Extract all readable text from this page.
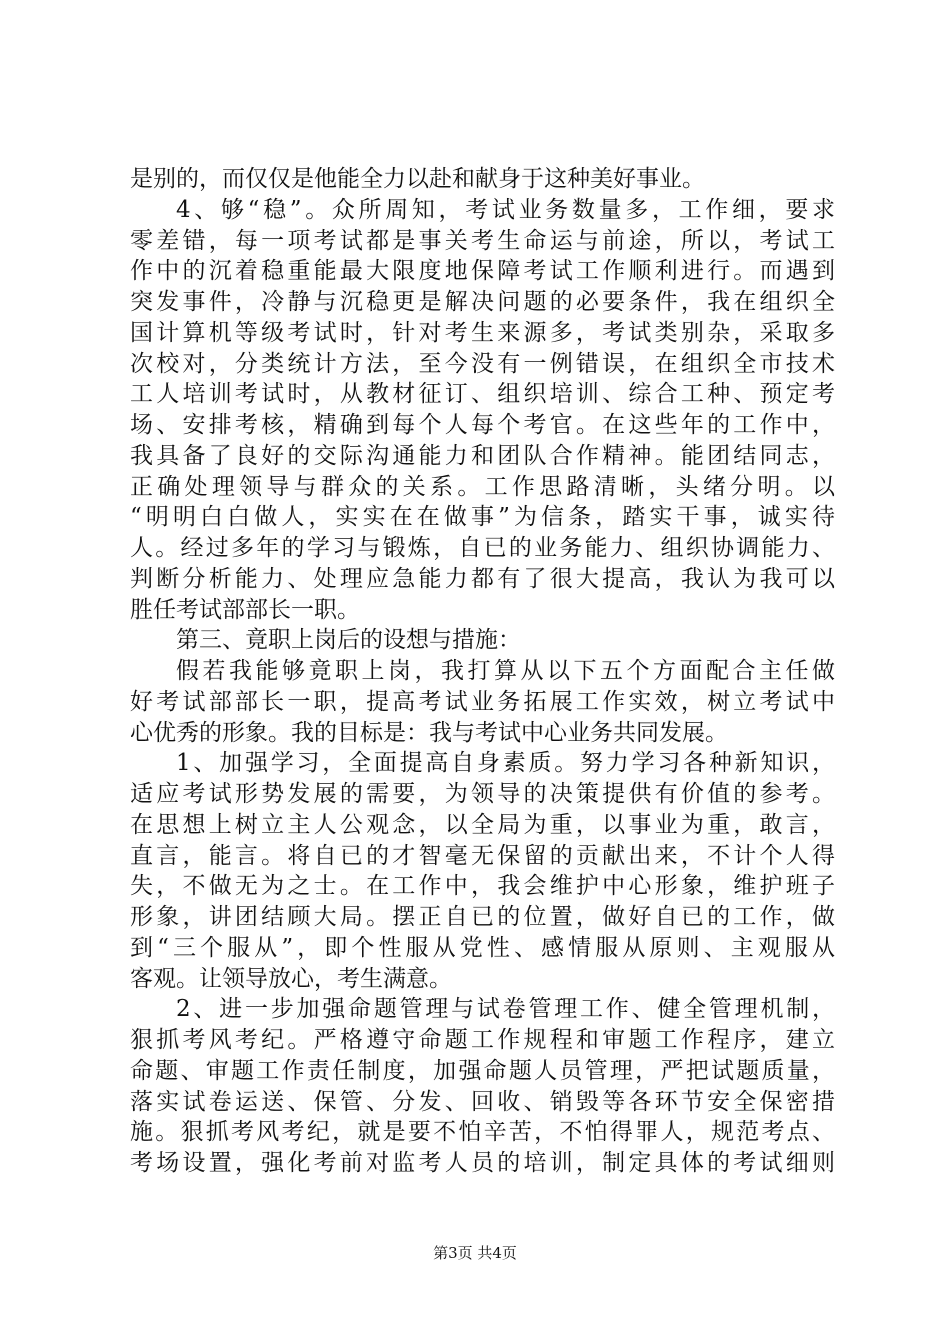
是别的，而仅仅是他能全力以赴和献身于这种美好事业。
4、够“稳”。众所周知，考试业务数量多，工作细，要求
零差错，每一项考试都是事关考生命运与前途，所以，考试工
作中的沉着稳重能最大限度地保障考试工作顺利进行。而遇到
突发事件，冷静与沉稳更是解决问题的必要条件，我在组织全
国计算机等级考试时，针对考生来源多，考试类别杂，采取多
次校对，分类统计方法，至今没有一例错误，在组织全市技术
工人培训考试时，从教材征订、组织培训、综合工种、预定考
场、安排考核，精确到每个人每个考官。在这些年的工作中，
我具备了良好的交际沟通能力和团队合作精神。能团结同志，
正确处理领导与群众的关系。工作思路清晰，头绪分明。以
“明明白白做人，实实在在做事”为信条，踏实干事，诚实待
人。经过多年的学习与锻炼，自已的业务能力、组织协调能力、
判断分析能力、处理应急能力都有了很大提高，我认为我可以
胜任考试部部长一职。
第三、竟职上岗后的设想与措施：
假若我能够竟职上岗，我打算从以下五个方面配合主任做
好考试部部长一职，提高考试业务拓展工作实效，树立考试中
心优秀的形象。我的目标是：我与考试中心业务共同发展。
1、加强学习，全面提高自身素质。努力学习各种新知识，
适应考试形势发展的需要，为领导的决策提供有价值的参考。
在思想上树立主人公观念，以全局为重，以事业为重，敢言，
直言，能言。将自已的才智毫无保留的贡献出来，不计个人得
失，不做无为之士。在工作中，我会维护中心形象，维护班子
形象，讲团结顾大局。摆正自已的位置，做好自已的工作，做
到“三个服从”，即个性服从党性、感情服从原则、主观服从
客观。让领导放心，考生满意。
2、进一步加强命题管理与试卷管理工作、健全管理机制，
狠抓考风考纪。严格遵守命题工作规程和审题工作程序，建立
命题、审题工作责任制度，加强命题人员管理，严把试题质量，
落实试卷运送、保管、分发、回收、销毁等各环节安全保密措
施。狠抓考风考纪，就是要不怕辛苦，不怕得罪人，规范考点、
考场设置，强化考前对监考人员的培训，制定具体的考试细则
第3页 共4页
